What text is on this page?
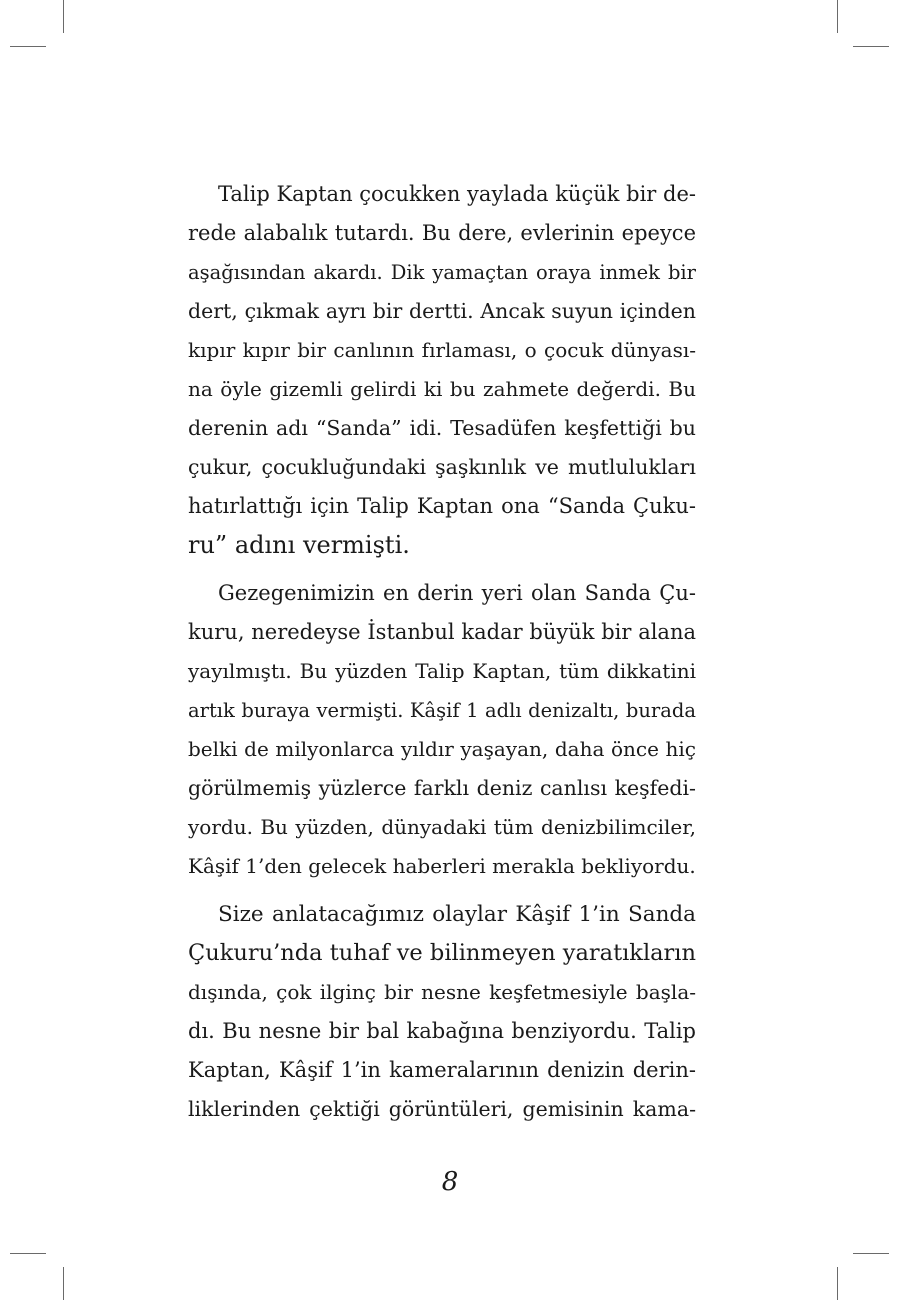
Talip Kaptan çocukken yaylada küçük bir de-
rede alabalık tutardı. Bu dere, evlerinin epeyce
aşağısından akardı. Dik yamaçtan oraya inmek bir
dert, çıkmak ayrı bir dertti. Ancak suyun içinden
kıpır kıpır bir canlının fırlaması, o çocuk dünyası-
na öyle gizemli gelirdi ki bu zahmete değerdi. Bu
derenin adı “Sanda” idi. Tesadüfen keşfettiği bu
çukur, çocukluğundaki şaşkınlık ve mutlulukları
hatırlattığı için Talip Kaptan ona “Sanda Çuku-
ru” adını vermişti.
Gezegenimizin en derin yeri olan Sanda Çu-
kuru, neredeyse İstanbul kadar büyük bir alana
yayılmıştı. Bu yüzden Talip Kaptan, tüm dikkatini
artık buraya vermişti. Kâşif 1 adlı denizaltı, burada
belki de milyonlarca yıldır yaşayan, daha önce hiç
görülmemiş yüzlerce farklı deniz canlısı keşfedi-
yordu. Bu yüzden, dünyadaki tüm denizbilimciler,
Kâşif 1’den gelecek haberleri merakla bekliyordu.
Size anlatacağımız olaylar Kâşif 1’in Sanda
Çukuru’nda tuhaf ve bilinmeyen yaratıkların
dışında, çok ilginç bir nesne keşfetmesiyle başla-
dı. Bu nesne bir bal kabağına benziyordu. Talip
Kaptan, Kâşif 1’in kameralarının denizin derin-
liklerinden çektiği görüntüleri, gemisinin kama-
8
